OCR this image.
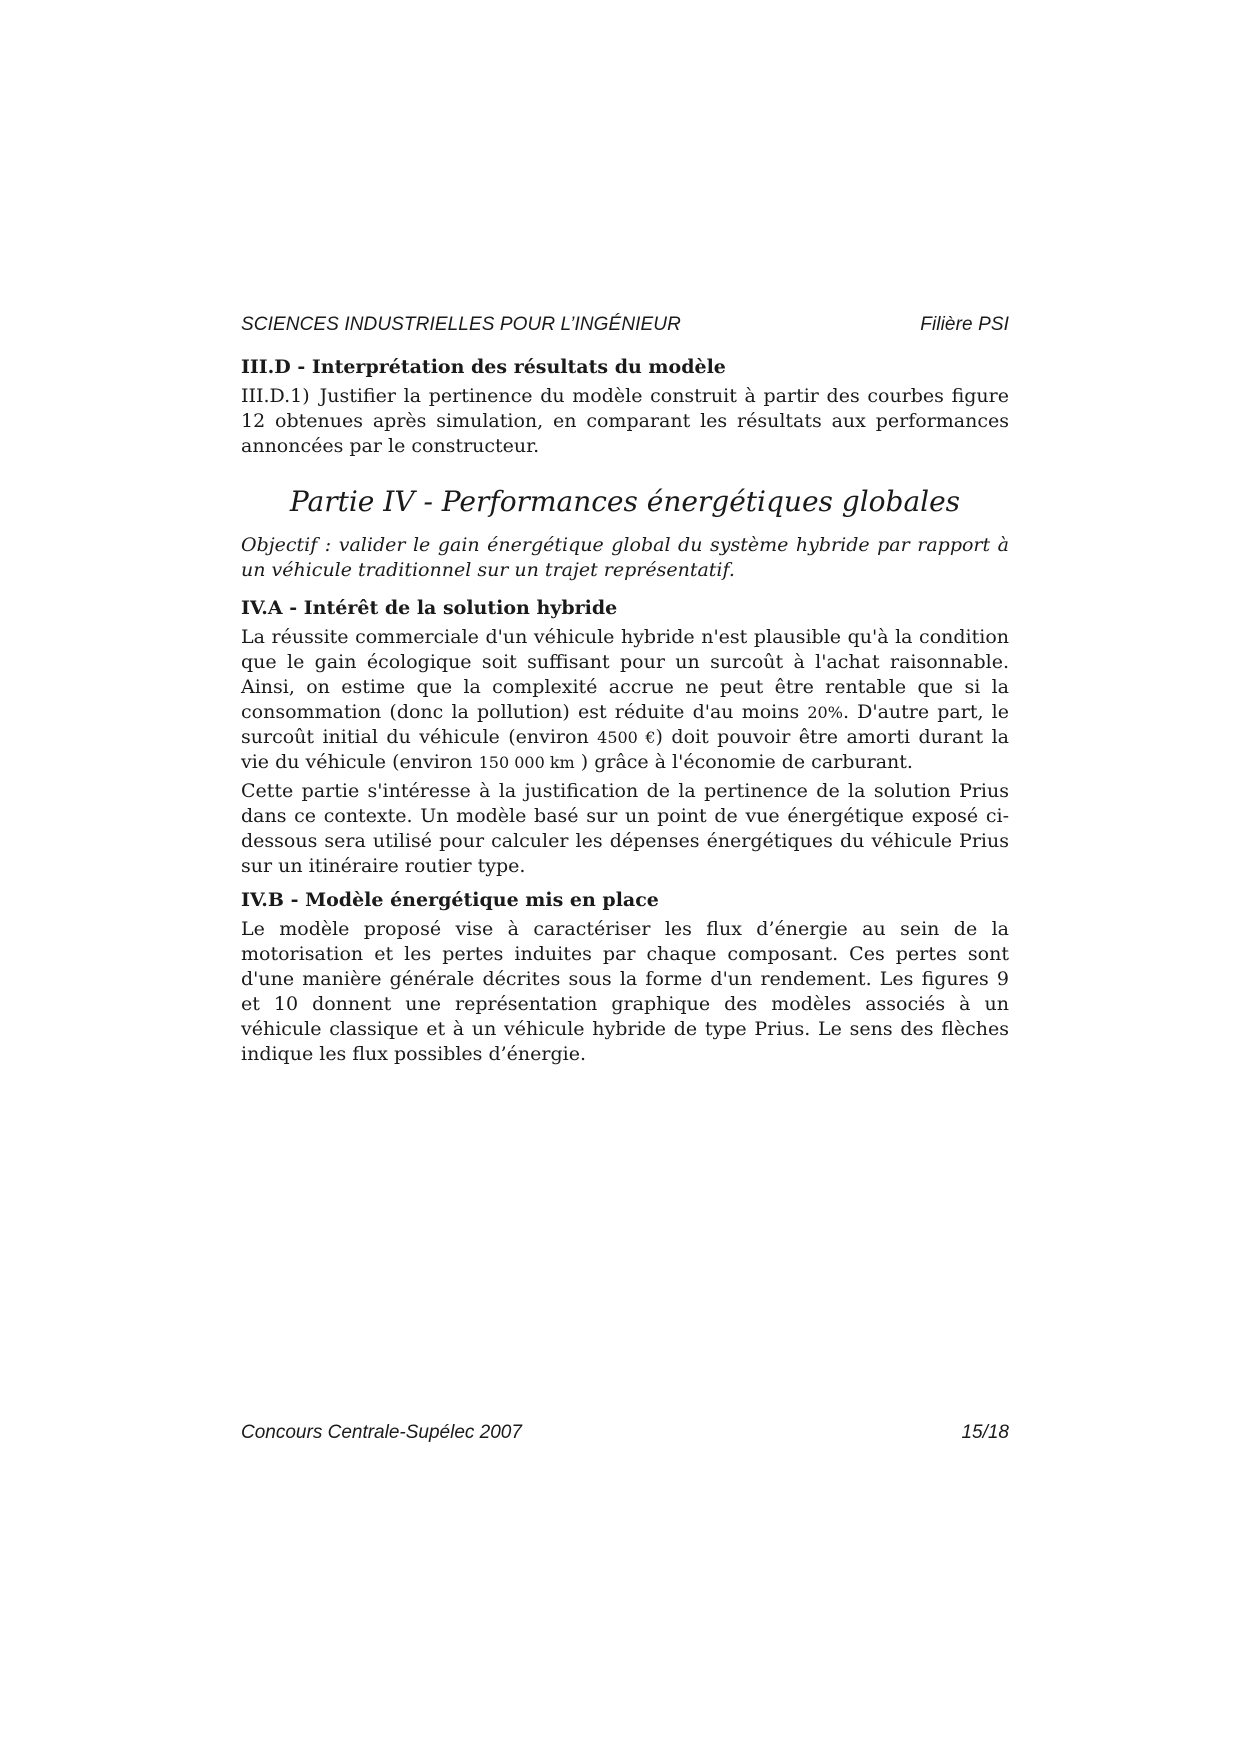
SCIENCES INDUSTRIELLES POUR L’INGÉNIEUR	Filière PSI
III.D - Interprétation des résultats du modèle

III.D.1) Justifier la pertinence du modèle construit à partir des courbes figure 12 obtenues après simulation, en comparant les résultats aux performances annoncées par le constructeur.

Partie IV - Performances énergétiques globales

Objectif : valider le gain énergétique global du système hybride par rapport à un véhicule traditionnel sur un trajet représentatif.

IV.A - Intérêt de la solution hybride

La réussite commerciale d'un véhicule hybride n'est plausible qu'à la condition que le gain écologique soit suffisant pour un surcoût à l'achat raisonnable. Ainsi, on estime que la complexité accrue ne peut être rentable que si la consommation (donc la pollution) est réduite d'au moins 20%. D'autre part, le surcoût initial du véhicule (environ 4500 €) doit pouvoir être amorti durant la vie du véhicule (environ 150 000 km ) grâce à l'économie de carburant.

Cette partie s'intéresse à la justification de la pertinence de la solution Prius dans ce contexte. Un modèle basé sur un point de vue énergétique exposé ci-dessous sera utilisé pour calculer les dépenses énergétiques du véhicule Prius sur un itinéraire routier type.

IV.B - Modèle énergétique mis en place

Le modèle proposé vise à caractériser les flux d’énergie au sein de la motorisation et les pertes induites par chaque composant. Ces pertes sont d'une manière générale décrites sous la forme d'un rendement. Les figures 9 et 10 donnent une représentation graphique des modèles associés à un véhicule classique et à un véhicule hybride de type Prius. Le sens des flèches indique les flux possibles d’énergie.

Concours Centrale-Supélec 2007	15/18
